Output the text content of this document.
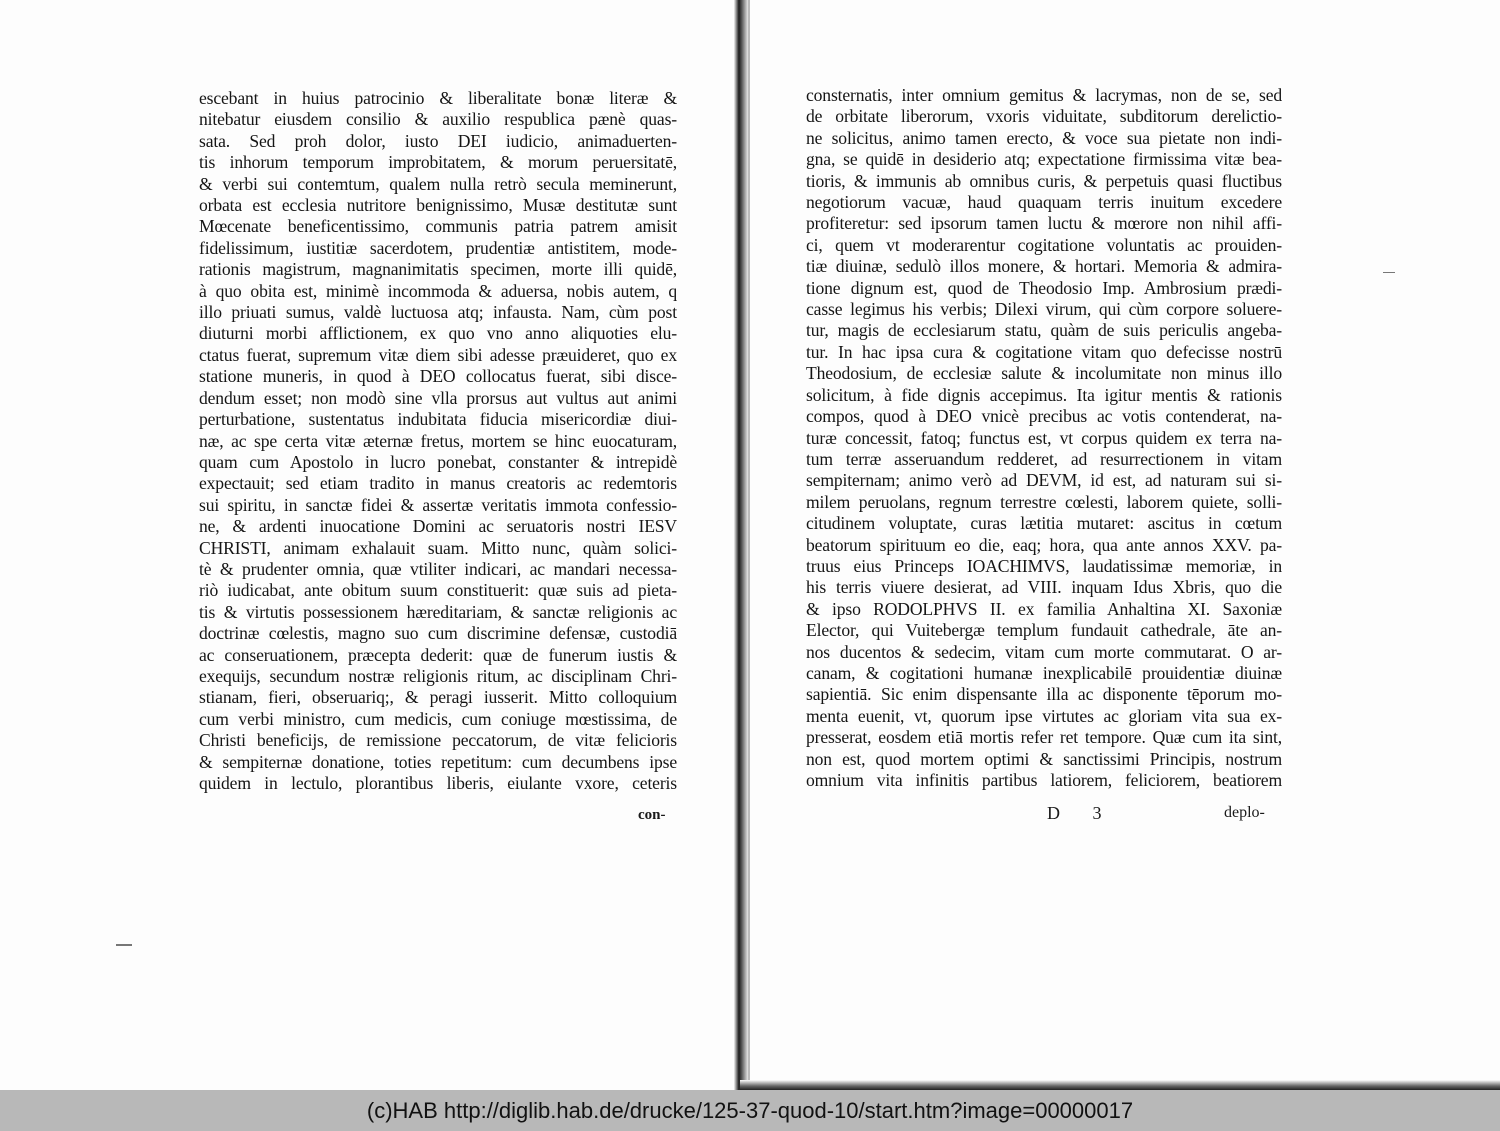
escebant in huius patrocinio & liberalitate bonæ literæ &
nitebatur eiusdem consilio & auxilio respublica pænè quas-
sata. Sed proh dolor, iusto DEI iudicio, animaduerten-
tis inhorum temporum improbitatem, & morum peruersitatē,
& verbi sui contemtum, qualem nulla retrò secula meminerunt,
orbata est ecclesia nutritore benignissimo, Musæ destitutæ sunt
Mœcenate beneficentissimo, communis patria patrem amisit
fidelissimum, iustitiæ sacerdotem, prudentiæ antistitem, mode-
rationis magistrum, magnanimitatis specimen, morte illi quidē,
à quo obita est, minimè incommoda & aduersa, nobis autem, q
illo priuati sumus, valdè luctuosa atq; infausta. Nam, cùm post
diuturni morbi afflictionem, ex quo vno anno aliquoties elu-
ctatus fuerat, supremum vitæ diem sibi adesse præuideret, quo ex
statione muneris, in quod à DEO collocatus fuerat, sibi disce-
dendum esset; non modò sine vlla prorsus aut vultus aut animi
perturbatione, sustentatus indubitata fiducia misericordiæ diui-
næ, ac spe certa vitæ æternæ fretus, mortem se hinc euocaturam,
quam cum Apostolo in lucro ponebat, constanter & intrepidè
expectauit; sed etiam tradito in manus creatoris ac redemtoris
sui spiritu, in sanctæ fidei & assertæ veritatis immota confessio-
ne, & ardenti inuocatione Domini ac seruatoris nostri IESV
CHRISTI, animam exhalauit suam. Mitto nunc, quàm solici-
tè & prudenter omnia, quæ vtiliter indicari, ac mandari necessa-
riò iudicabat, ante obitum suum constituerit: quæ suis ad pieta-
tis & virtutis possessionem hæreditariam, & sanctæ religionis ac
doctrinæ cœlestis, magno suo cum discrimine defensæ, custodiā
ac conseruationem, præcepta dederit: quæ de funerum iustis &
exequijs, secundum nostræ religionis ritum, ac disciplinam Chri-
stianam, fieri, obseruariq;, & peragi iusserit. Mitto colloquium
cum verbi ministro, cum medicis, cum coniuge mœstissima, de
Christi beneficijs, de remissione peccatorum, de vitæ felicioris
& sempiternæ donatione, toties repetitum: cum decumbens ipse
quidem in lectulo, plorantibus liberis, eiulante vxore, ceteris
con-
consternatis, inter omnium gemitus & lacrymas, non de se, sed
de orbitate liberorum, vxoris viduitate, subditorum derelictio-
ne solicitus, animo tamen erecto, & voce sua pietate non indi-
gna, se quidē in desiderio atq; expectatione firmissima vitæ bea-
tioris, & immunis ab omnibus curis, & perpetuis quasi fluctibus
negotiorum vacuæ, haud quaquam terris inuitum excedere
profiteretur: sed ipsorum tamen luctu & mœrore non nihil affi-
ci, quem vt moderarentur cogitatione voluntatis ac prouiden-
tiæ diuinæ, sedulò illos monere, & hortari. Memoria & admira-
tione dignum est, quod de Theodosio Imp. Ambrosium prædi-
casse legimus his verbis; Dilexi virum, qui cùm corpore soluere-
tur, magis de ecclesiarum statu, quàm de suis periculis angeba-
tur. In hac ipsa cura & cogitatione vitam quo defecisse nostrū
Theodosium, de ecclesiæ salute & incolumitate non minus illo
solicitum, à fide dignis accepimus. Ita igitur mentis & rationis
compos, quod à DEO vnicè precibus ac votis contenderat, na-
turæ concessit, fatoq; functus est, vt corpus quidem ex terra na-
tum terræ asseruandum redderet, ad resurrectionem in vitam
sempiternam; animo verò ad DEVM, id est, ad naturam sui si-
milem peruolans, regnum terrestre cœlesti, laborem quiete, solli-
citudinem voluptate, curas lætitia mutaret: ascitus in cœtum
beatorum spirituum eo die, eaq; hora, qua ante annos XXV. pa-
truus eius Princeps IOACHIMVS, laudatissimæ memoriæ, in
his terris viuere desierat, ad VIII. inquam Idus Xbris, quo die
& ipso RODOLPHVS II. ex familia Anhaltina XI. Saxoniæ
Elector, qui Vuitebergæ templum fundauit cathedrale, āte an-
nos ducentos & sedecim, vitam cum morte commutarat. O ar-
canam, & cogitationi humanæ inexplicabilē prouidentiæ diuinæ
sapientiā. Sic enim dispensante illa ac disponente tēporum mo-
menta euenit, vt, quorum ipse virtutes ac gloriam vita sua ex-
presserat, eosdem etiā mortis refer ret tempore. Quæ cum ita sint,
non est, quod mortem optimi & sanctissimi Principis, nostrum
omnium vita infinitis partibus latiorem, feliciorem, beatiorem
D 3	deplo-
(c)HAB http://diglib.hab.de/drucke/125-37-quod-10/start.htm?image=00000017
